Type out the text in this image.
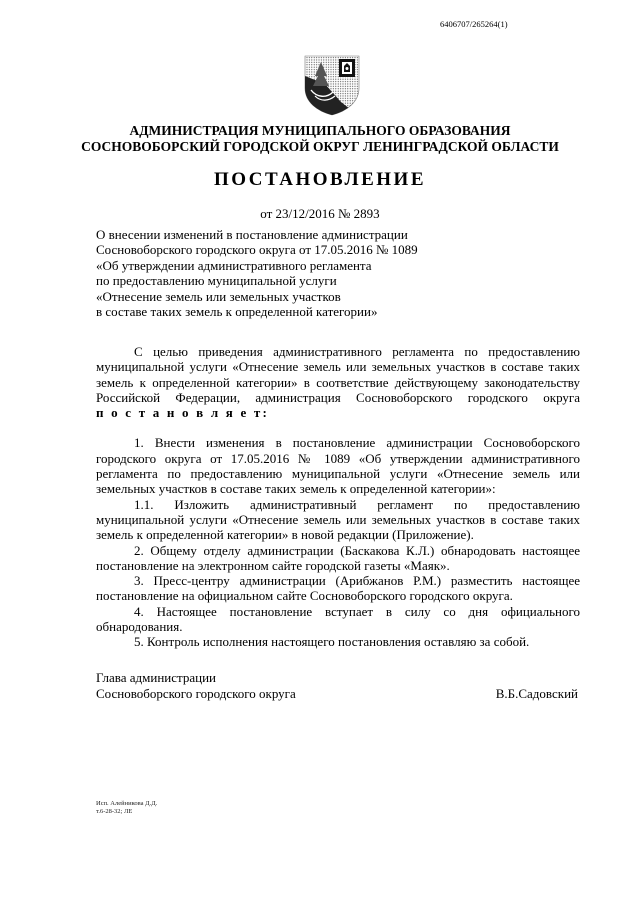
6406707/265264(1)
АДМИНИСТРАЦИЯ МУНИЦИПАЛЬНОГО ОБРАЗОВАНИЯ
СОСНОВОБОРСКИЙ ГОРОДСКОЙ ОКРУГ ЛЕНИНГРАДСКОЙ ОБЛАСТИ
ПОСТАНОВЛЕНИЕ
от 23/12/2016 № 2893
О внесении изменений в постановление администрации
Сосновоборского городского округа от 17.05.2016 № 1089
«Об утверждении административного регламента
по предоставлению муниципальной услуги
«Отнесение земель или земельных участков
в составе таких земель к определенной категории»
С целью приведения административного регламента по предоставлению муниципальной услуги «Отнесение земель или земельных участков в составе таких земель к определенной категории» в соответствие действующему законодательству Российской Федерации, администрация Сосновоборского городского округа
п о с т а н о в л я е т:
1. Внести изменения в постановление администрации Сосновоборского городского округа от 17.05.2016 № 1089 «Об утверждении административного регламента по предоставлению муниципальной услуги «Отнесение земель или земельных участков в составе таких земель к определенной категории»:
1.1. Изложить административный регламент по предоставлению муниципальной услуги «Отнесение земель или земельных участков в составе таких земель к определенной категории» в новой редакции (Приложение).
2. Общему отделу администрации (Баскакова К.Л.) обнародовать настоящее постановление на электронном сайте городской газеты «Маяк».
3. Пресс-центру администрации (Арибжанов Р.М.) разместить настоящее постановление на официальном сайте Сосновоборского городского округа.
4. Настоящее постановление вступает в силу со дня официального обнародования.
5. Контроль исполнения настоящего постановления оставляю за собой.
Глава администрации
Сосновоборского городского округа	В.Б.Садовский
Исп. Алейникова Д.Д.
т.6-28-32; ЛЕ
